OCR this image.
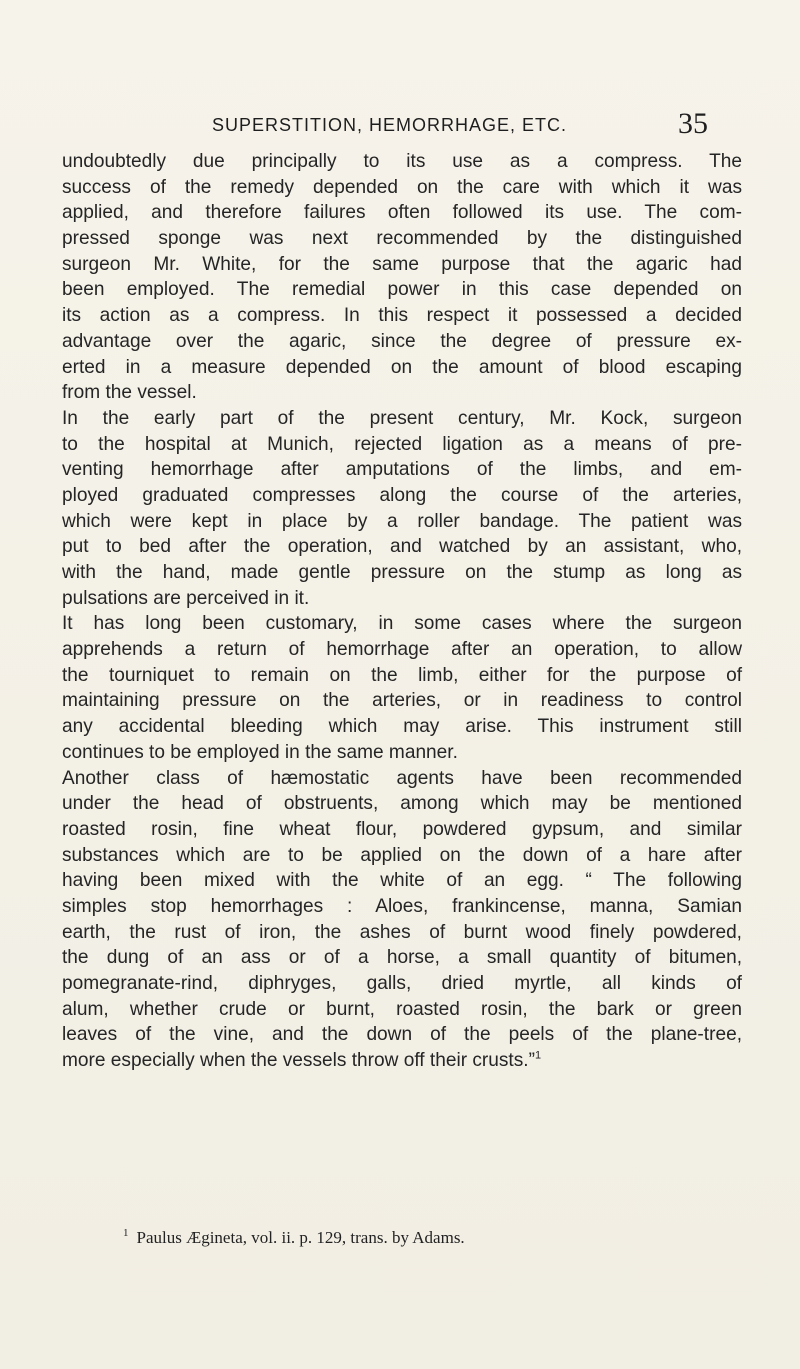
SUPERSTITION, HEMORRHAGE, ETC.	35

undoubtedly due principally to its use as a compress. The
success of the remedy depended on the care with which it was
applied, and therefore failures often followed its use. The com-
pressed sponge was next recommended by the distinguished
surgeon Mr. White, for the same purpose that the agaric had
been employed. The remedial power in this case depended on
its action as a compress. In this respect it possessed a decided
advantage over the agaric, since the degree of pressure ex-
erted in a measure depended on the amount of blood escaping
from the vessel.

In the early part of the present century, Mr. Kock, surgeon
to the hospital at Munich, rejected ligation as a means of pre-
venting hemorrhage after amputations of the limbs, and em-
ployed graduated compresses along the course of the arteries,
which were kept in place by a roller bandage. The patient was
put to bed after the operation, and watched by an assistant, who,
with the hand, made gentle pressure on the stump as long as
pulsations are perceived in it.

It has long been customary, in some cases where the surgeon
apprehends a return of hemorrhage after an operation, to allow
the tourniquet to remain on the limb, either for the purpose of
maintaining pressure on the arteries, or in readiness to control
any accidental bleeding which may arise. This instrument still
continues to be employed in the same manner.

Another class of hæmostatic agents have been recommended
under the head of obstruents, among which may be mentioned
roasted rosin, fine wheat flour, powdered gypsum, and similar
substances which are to be applied on the down of a hare after
having been mixed with the white of an egg. “ The following
simples stop hemorrhages : Aloes, frankincense, manna, Samian
earth, the rust of iron, the ashes of burnt wood finely powdered,
the dung of an ass or of a horse, a small quantity of bitumen,
pomegranate-rind, diphryges, galls, dried myrtle, all kinds of
alum, whether crude or burnt, roasted rosin, the bark or green
leaves of the vine, and the down of the peels of the plane-tree,
more especially when the vessels throw off their crusts.”$^1$

$^1$ Paulus Ægineta, vol. ii. p. 129, trans. by Adams.
